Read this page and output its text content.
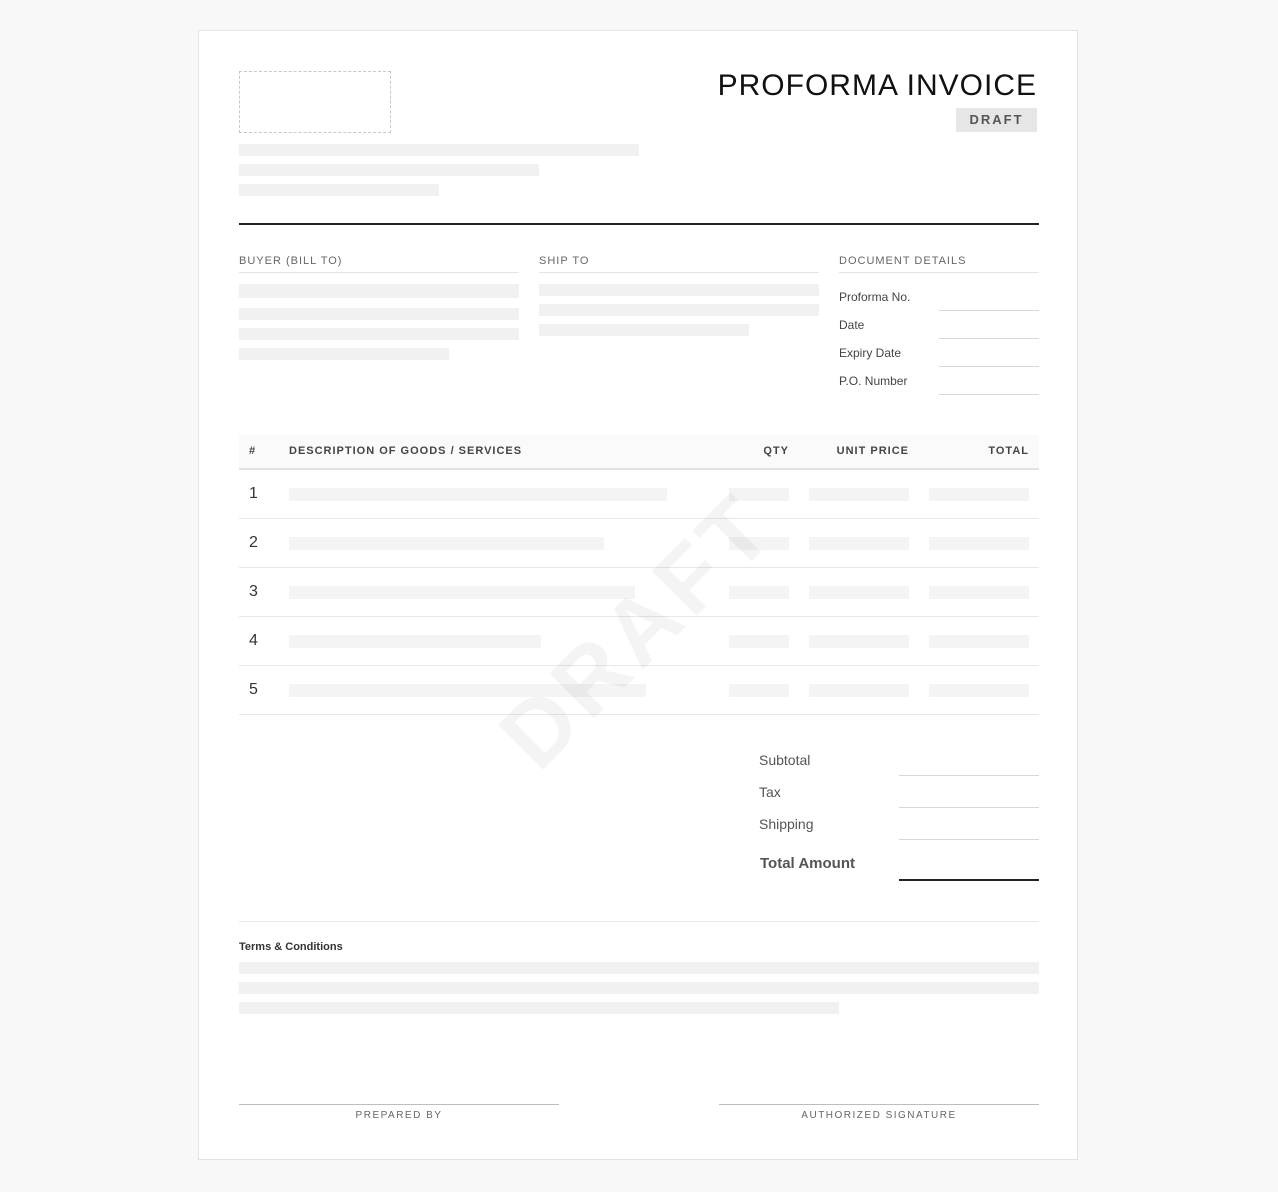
PROFORMA INVOICE
DRAFT
BUYER (BILL TO)	SHIP TO	DOCUMENT DETAILS
Proforma No.
Date
Expiry Date
P.O. Number
#	DESCRIPTION OF GOODS / SERVICES	QTY	UNIT PRICE	TOTAL
1
2
3
4
5
Subtotal
Tax
Shipping
Total Amount
Terms & Conditions
PREPARED BY	AUTHORIZED SIGNATURE
